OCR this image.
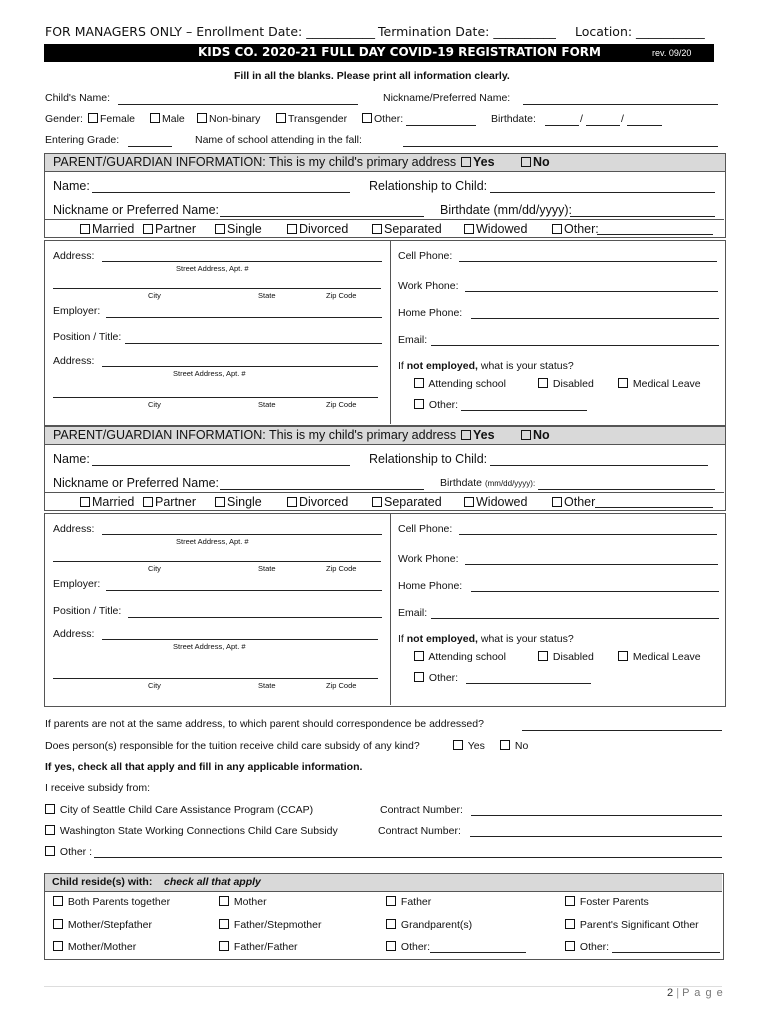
FOR MANAGERS ONLY – Enrollment Date: ___________ Termination Date: __________ Location: ___________
KIDS CO. 2020-21 FULL DAY COVID-19 REGISTRATION FORM	rev. 09/20
Fill in all the blanks. Please print all information clearly.
Child's Name:	Nickname/Preferred Name:
Gender:	Female	Male	Non-binary	Transgender	Other:	Birthdate:	/	/
Entering Grade:	Name of school attending in the fall:
PARENT/GUARDIAN INFORMATION: This is my child's primary address	Yes	No
Name:	Relationship to Child:
Nickname or Preferred Name:	Birthdate (mm/dd/yyyy):
Married	Partner	Single	Divorced	Separated	Widowed	Other:
Address:
Street Address, Apt. #
City	State	Zip Code
Employer:
Position / Title:
Address:
Street Address, Apt. #
City	State	Zip Code
Cell Phone:
Work Phone:
Home Phone:
Email:
If not employed, what is your status?
Attending school	Disabled	Medical Leave
Other:
PARENT/GUARDIAN INFORMATION: This is my child's primary address	Yes	No
Name:	Relationship to Child:
Nickname or Preferred Name:	Birthdate (mm/dd/yyyy):
Married	Partner	Single	Divorced	Separated	Widowed	Other
Address:
Street Address, Apt. #
City	State	Zip Code
Employer:
Position / Title:
Address:
Street Address, Apt. #
City	State	Zip Code
Cell Phone:
Work Phone:
Home Phone:
Email:
If not employed, what is your status?
Attending school	Disabled	Medical Leave
Other:
If parents are not at the same address, to which parent should correspondence be addressed?
Does person(s) responsible for the tuition receive child care subsidy of any kind?	Yes	No
If yes, check all that apply and fill in any applicable information.
I receive subsidy from:
City of Seattle Child Care Assistance Program (CCAP)	Contract Number:
Washington State Working Connections Child Care Subsidy	Contract Number:
Other :
Child reside(s) with: check all that apply
Both Parents together	Mother	Father	Foster Parents
Mother/Stepfather	Father/Stepmother	Grandparent(s)	Parent's Significant Other
Mother/Mother	Father/Father	Other:	Other:
2 | P a g e
